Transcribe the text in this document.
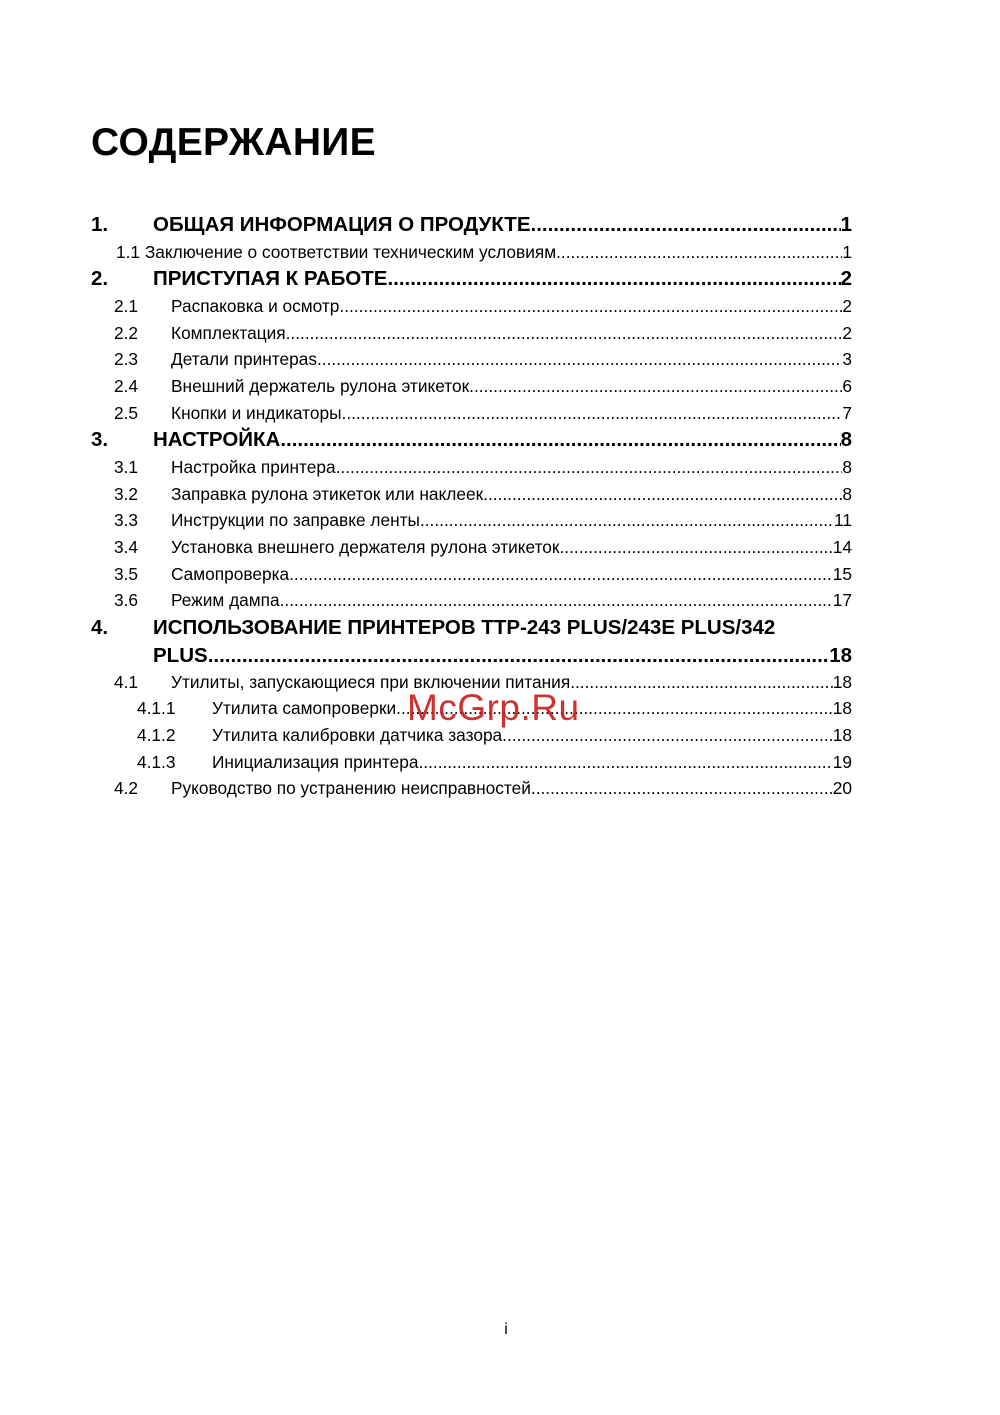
СОДЕРЖАНИЕ
1.	ОБЩАЯ ИНФОРМАЦИЯ О ПРОДУКТЕ .....	1
1.1 Заключение о соответствии техническим условиям .....	1
2.	ПРИСТУПАЯ К РАБОТЕ .....	2
2.1	Распаковка и осмотр .....	2
2.2	Комплектация .....	2
2.3	Детали принтераs .....	3
2.4	Внешний держатель рулона этикеток .....	6
2.5	Кнопки и индикаторы .....	7
3.	НАСТРОЙКА .....	8
3.1	Настройка принтера .....	8
3.2	Заправка рулона этикеток или наклеек. .....	8
3.3	Инструкции по заправке ленты .....	11
3.4	Установка внешнего держателя рулона этикеток .....	14
3.5	Самопроверка .....	15
3.6	Режим дампа .....	17
4. ИСПОЛЬЗОВАНИЕ ПРИНТЕРОВ TTP-243 PLUS/243E PLUS/342
PLUS .....	18
4.1	Утилиты, запускающиеся при включении питания .....	18
4.1.1	Утилита самопроверки .....	18
4.1.2	Утилита калибровки датчика зазора .....	18
4.1.3	Инициализация принтера .....	19
4.2	Руководство по устранению неисправностей .....	20
McGrp.Ru
i
